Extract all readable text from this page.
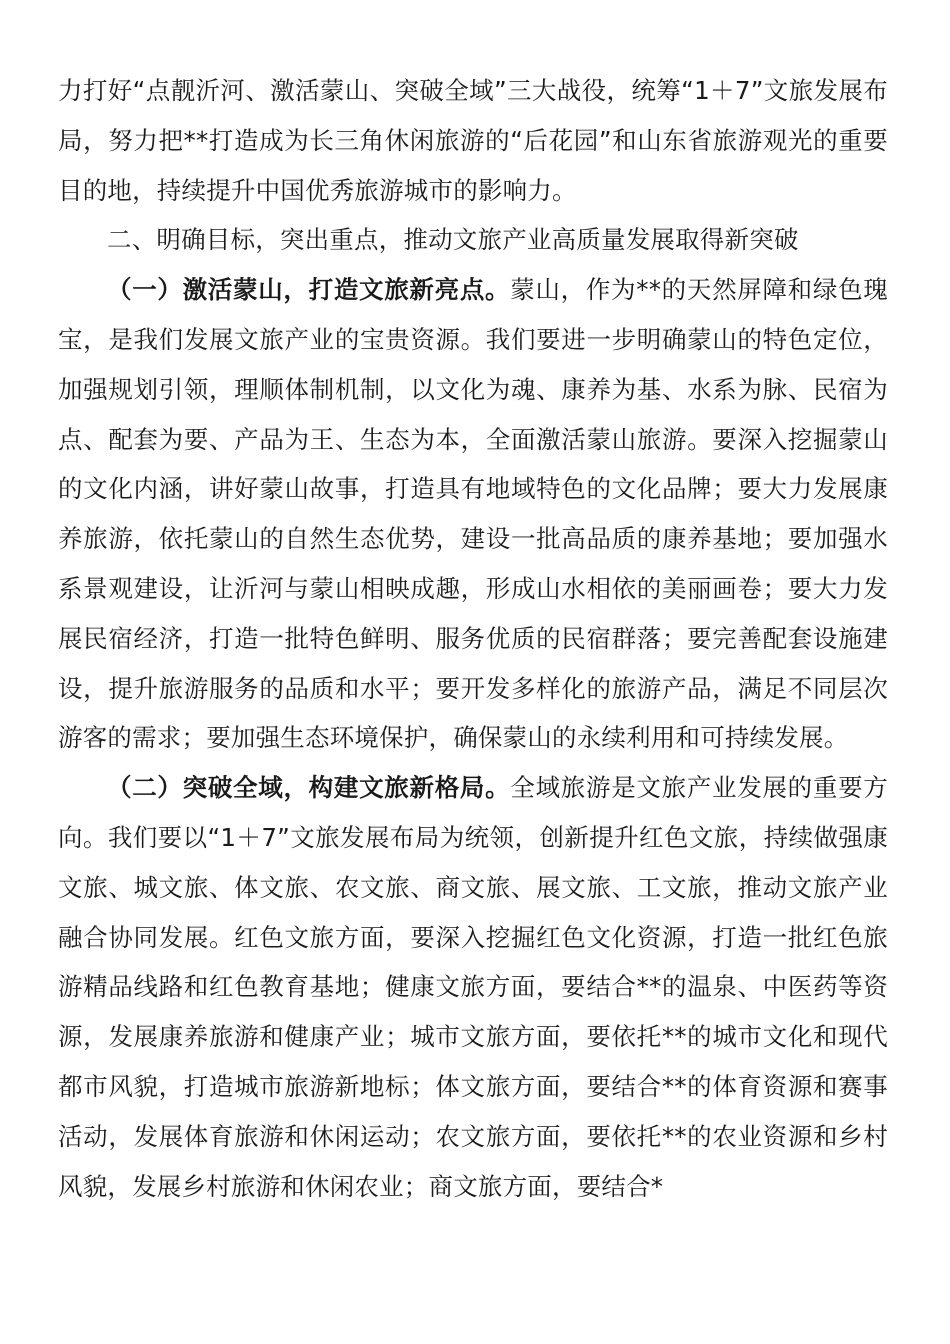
力打好“点靓沂河、激活蒙山、突破全域”三大战役，统筹“1＋7”文旅发展布局，努力把**打造成为长三角休闲旅游的“后花园”和山东省旅游观光的重要目的地，持续提升中国优秀旅游城市的影响力。

二、明确目标，突出重点，推动文旅产业高质量发展取得新突破

（一）激活蒙山，打造文旅新亮点。蒙山，作为**的天然屏障和绿色瑰宝，是我们发展文旅产业的宝贵资源。我们要进一步明确蒙山的特色定位，加强规划引领，理顺体制机制，以文化为魂、康养为基、水系为脉、民宿为点、配套为要、产品为王、生态为本，全面激活蒙山旅游。要深入挖掘蒙山的文化内涵，讲好蒙山故事，打造具有地域特色的文化品牌；要大力发展康养旅游，依托蒙山的自然生态优势，建设一批高品质的康养基地；要加强水系景观建设，让沂河与蒙山相映成趣，形成山水相依的美丽画卷；要大力发展民宿经济，打造一批特色鲜明、服务优质的民宿群落；要完善配套设施建设，提升旅游服务的品质和水平；要开发多样化的旅游产品，满足不同层次游客的需求；要加强生态环境保护，确保蒙山的永续利用和可持续发展。

（二）突破全域，构建文旅新格局。全域旅游是文旅产业发展的重要方向。我们要以“1＋7”文旅发展布局为统领，创新提升红色文旅，持续做强康文旅、城文旅、体文旅、农文旅、商文旅、展文旅、工文旅，推动文旅产业融合协同发展。红色文旅方面，要深入挖掘红色文化资源，打造一批红色旅游精品线路和红色教育基地；健康文旅方面，要结合**的温泉、中医药等资源，发展康养旅游和健康产业；城市文旅方面，要依托**的城市文化和现代都市风貌，打造城市旅游新地标；体文旅方面，要结合**的体育资源和赛事活动，发展体育旅游和休闲运动；农文旅方面，要依托**的农业资源和乡村风貌，发展乡村旅游和休闲农业；商文旅方面，要结合*
